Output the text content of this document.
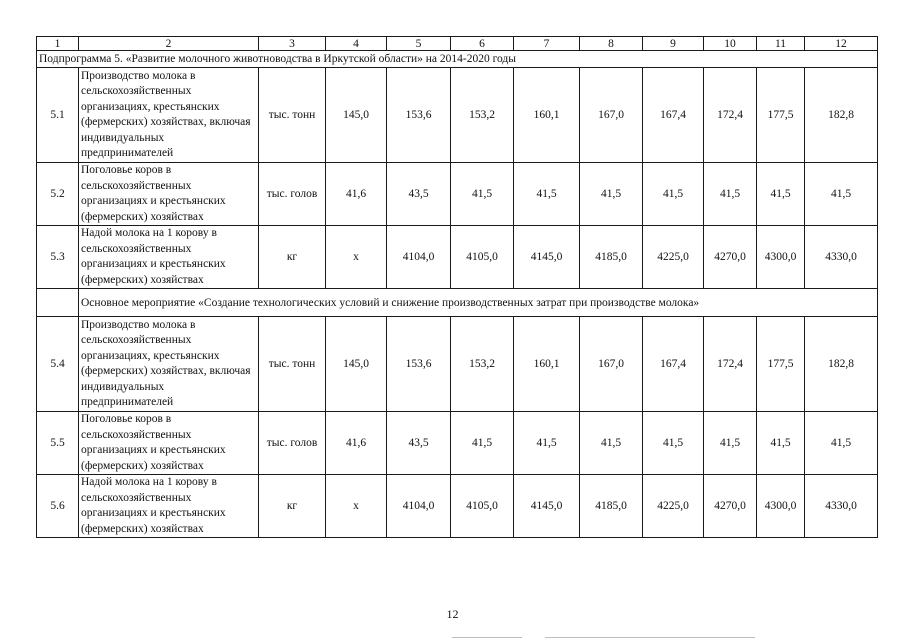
1	2	3	4	5	6	7	8	9	10	11	12
Подпрограмма 5. «Развитие молочного животноводства в Иркутской области» на 2014-2020 годы											
5.1	Производство молока в сельскохозяйственных организациях, крестьянских (фермерских) хозяйствах, включая индивидуальных предпринимателей	тыс. тонн	145,0	153,6	153,2	160,1	167,0	167,4	172,4	177,5	182,8
5.2	Поголовье коров в сельскохозяйственных организациях и крестьянских (фермерских) хозяйствах	тыс. голов	41,6	43,5	41,5	41,5	41,5	41,5	41,5	41,5	41,5
5.3	Надой молока на 1 корову в сельскохозяйственных организациях и крестьянских (фермерских) хозяйствах	кг	х	4104,0	4105,0	4145,0	4185,0	4225,0	4270,0	4300,0	4330,0
	Основное мероприятие «Создание технологических условий и снижение производственных затрат при производстве молока»										
5.4	Производство молока в сельскохозяйственных организациях, крестьянских (фермерских) хозяйствах, включая индивидуальных предпринимателей	тыс. тонн	145,0	153,6	153,2	160,1	167,0	167,4	172,4	177,5	182,8
5.5	Поголовье коров в сельскохозяйственных организациях и крестьянских (фермерских) хозяйствах	тыс. голов	41,6	43,5	41,5	41,5	41,5	41,5	41,5	41,5	41,5
5.6	Надой молока на 1 корову в сельскохозяйственных организациях и крестьянских (фермерских) хозяйствах	кг	х	4104,0	4105,0	4145,0	4185,0	4225,0	4270,0	4300,0	4330,0
12
